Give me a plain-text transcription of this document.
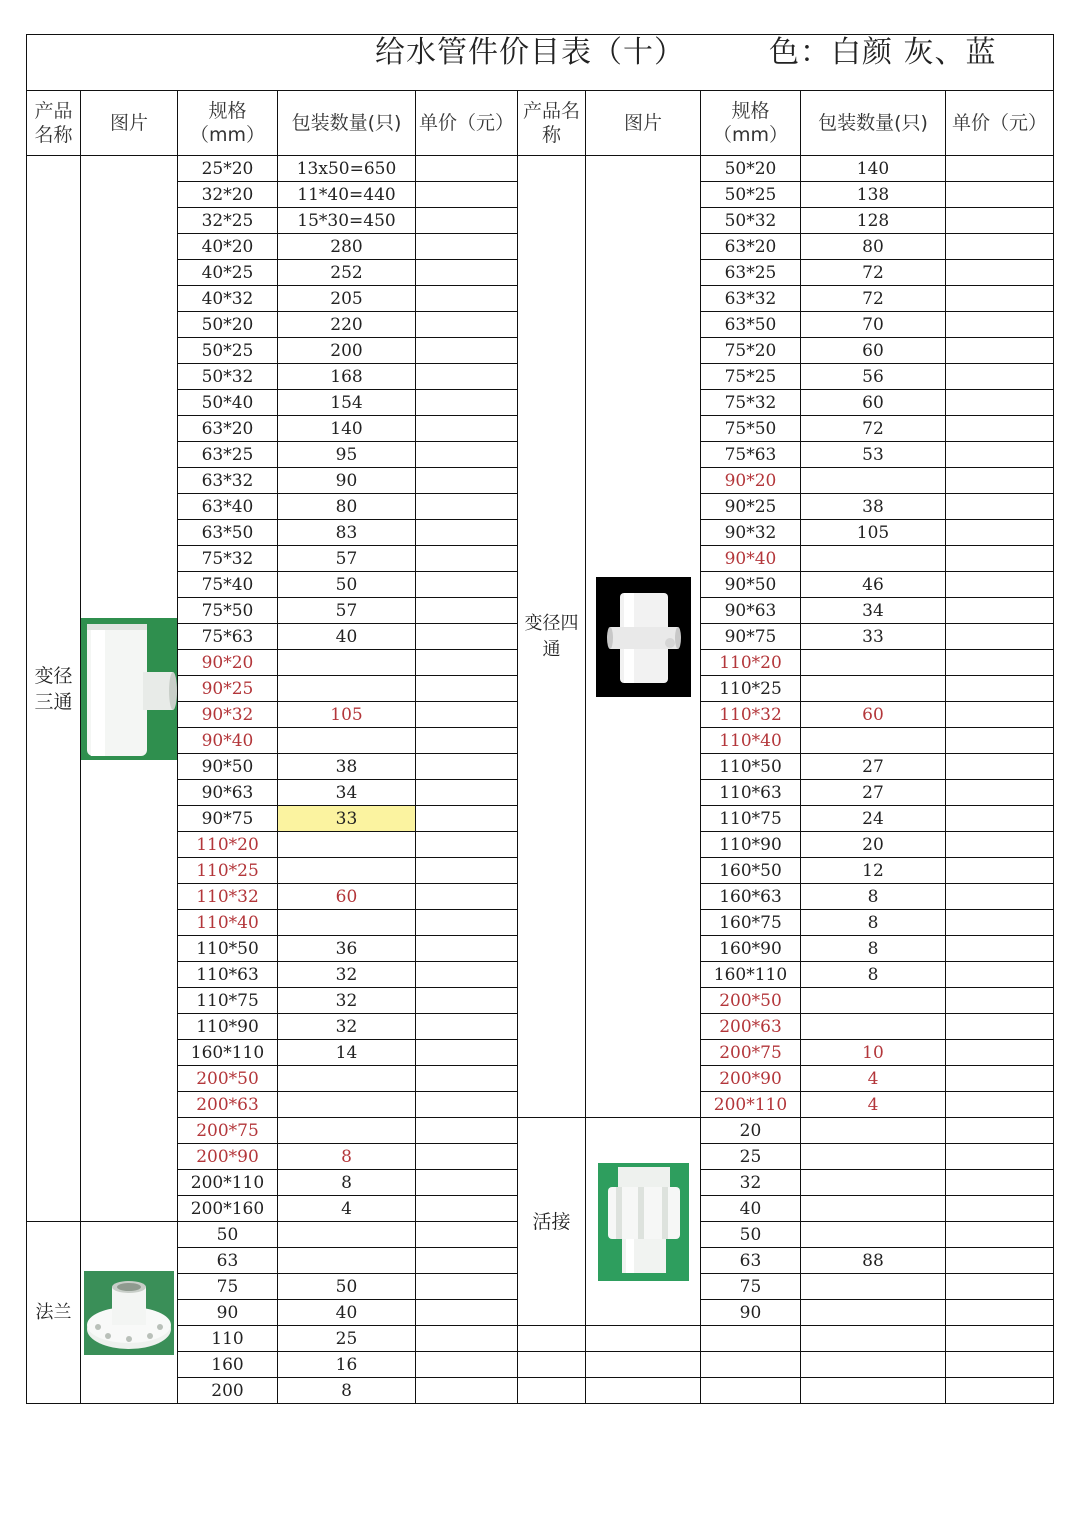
给水管件价目表（十） 色：白颜 灰、蓝									

产品名称	图片	规格（mm）	包装数量(只)	单价（元）	产品名称	图片	规格（mm）	包装数量(只)	单价（元）
变径三通		25*20	13x50=650		变径四通		50*20	140	
		32*20	11*40=440				50*25	138	
		32*25	15*30=450				50*32	128	
		40*20	280				63*20	80	
		40*25	252				63*25	72	
		40*32	205				63*32	72	
		50*20	220				63*50	70	
		50*25	200				75*20	60	
		50*32	168				75*25	56	
		50*40	154				75*32	60	
		63*20	140				75*50	72	
		63*25	95				75*63	53	
		63*32	90				90*20		
		63*40	80				90*25	38	
		63*50	83				90*32	105	
		75*32	57				90*40		
		75*40	50				90*50	46	
		75*50	57				90*63	34	
		75*63	40				90*75	33	
		90*20					110*20		
		90*25					110*25		
		90*32	105				110*32	60	
		90*40					110*40		
		90*50	38				110*50	27	
		90*63	34				110*63	27	
		90*75	33				110*75	24	
		110*20					110*90	20	
		110*25					160*50	12	
		110*32	60				160*63	8	
		110*40					160*75	8	
		110*50	36				160*90	8	
		110*63	32				160*110	8	
		110*75	32				200*50		
		110*90	32				200*63		
		160*110	14				200*75	10	
		200*50					200*90	4	
		200*63					200*110	4	
		200*75			活接		20		
		200*90	8				25		
		200*110	8				32		
		200*160	4				40		
法兰		50					50		
		63					63	88	
		75	50				75		
		90	40				90		
		110	25						
		160	16						
		200	8						
